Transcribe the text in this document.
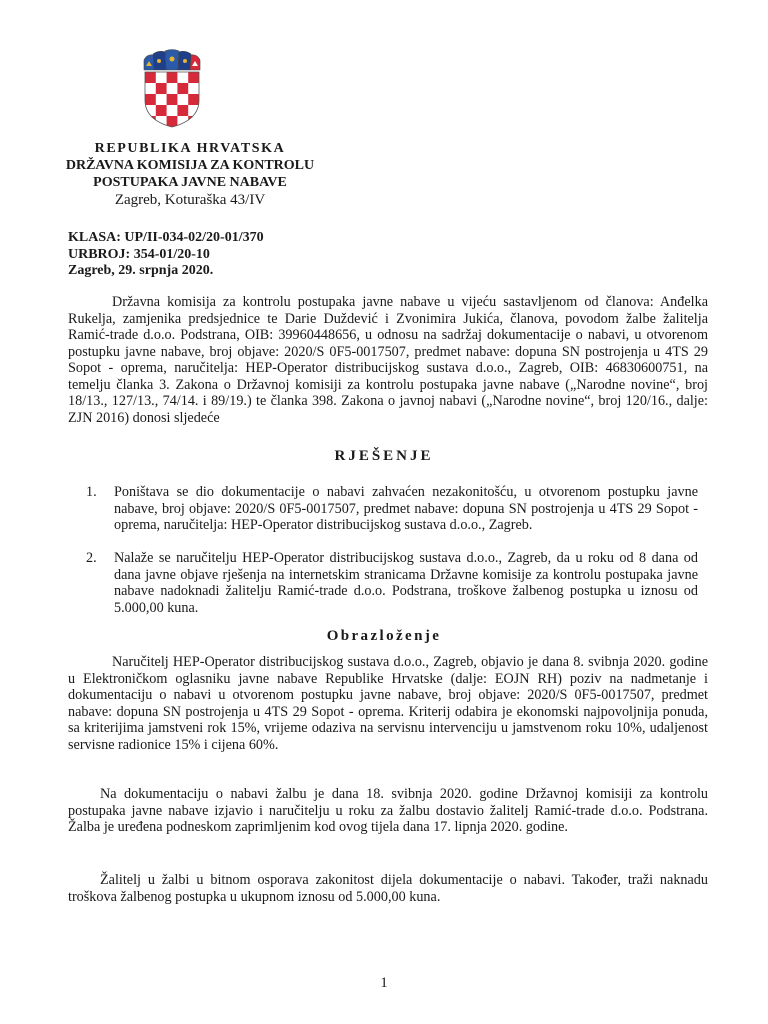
REPUBLIKA HRVATSKA
DRŽAVNA KOMISIJA ZA KONTROLU
POSTUPAKA JAVNE NABAVE
Zagreb, Koturaška 43/IV
KLASA: UP/II-034-02/20-01/370
URBROJ: 354-01/20-10
Zagreb, 29. srpnja 2020.
Državna komisija za kontrolu postupaka javne nabave u vijeću sastavljenom od članova: Anđelka Rukelja, zamjenika predsjednice te Darie Duždević i Zvonimira Jukića, članova, povodom žalbe žalitelja Ramić-trade d.o.o. Podstrana, OIB: 39960448656, u odnosu na sadržaj dokumentacije o nabavi, u otvorenom postupku javne nabave, broj objave: 2020/S 0F5-0017507, predmet nabave: dopuna SN postrojenja u 4TS 29 Sopot - oprema, naručitelja: HEP-Operator distribucijskog sustava d.o.o., Zagreb, OIB: 46830600751, na temelju članka 3. Zakona o Državnoj komisiji za kontrolu postupaka javne nabave („Narodne novine“, broj 18/13., 127/13., 74/14. i 89/19.) te članka 398. Zakona o javnoj nabavi („Narodne novine“, broj 120/16., dalje: ZJN 2016) donosi sljedeće
RJEŠENJE
1. Poništava se dio dokumentacije o nabavi zahvaćen nezakonitošću, u otvorenom postupku javne nabave, broj objave: 2020/S 0F5-0017507, predmet nabave: dopuna SN postrojenja u 4TS 29 Sopot - oprema, naručitelja: HEP-Operator distribucijskog sustava d.o.o., Zagreb.
2. Nalaže se naručitelju HEP-Operator distribucijskog sustava d.o.o., Zagreb, da u roku od 8 dana od dana javne objave rješenja na internetskim stranicama Državne komisije za kontrolu postupaka javne nabave nadoknadi žalitelju Ramić-trade d.o.o. Podstrana, troškove žalbenog postupka u iznosu od 5.000,00 kuna.
Obrazloženje
Naručitelj HEP-Operator distribucijskog sustava d.o.o., Zagreb, objavio je dana 8. svibnja 2020. godine u Elektroničkom oglasniku javne nabave Republike Hrvatske (dalje: EOJN RH) poziv na nadmetanje i dokumentaciju o nabavi u otvorenom postupku javne nabave, broj objave: 2020/S 0F5-0017507, predmet nabave: dopuna SN postrojenja u 4TS 29 Sopot - oprema. Kriterij odabira je ekonomski najpovoljnija ponuda, sa kriterijima jamstveni rok 15%, vrijeme odaziva na servisnu intervenciju u jamstvenom roku 10%, udaljenost servisne radionice 15% i cijena 60%.
Na dokumentaciju o nabavi žalbu je dana 18. svibnja 2020. godine Državnoj komisiji za kontrolu postupaka javne nabave izjavio i naručitelju u roku za žalbu dostavio žalitelj Ramić-trade d.o.o. Podstrana. Žalba je uređena podneskom zaprimljenim kod ovog tijela dana 17. lipnja 2020. godine.
Žalitelj u žalbi u bitnom osporava zakonitost dijela dokumentacije o nabavi. Također, traži naknadu troškova žalbenog postupka u ukupnom iznosu od 5.000,00 kuna.
1
